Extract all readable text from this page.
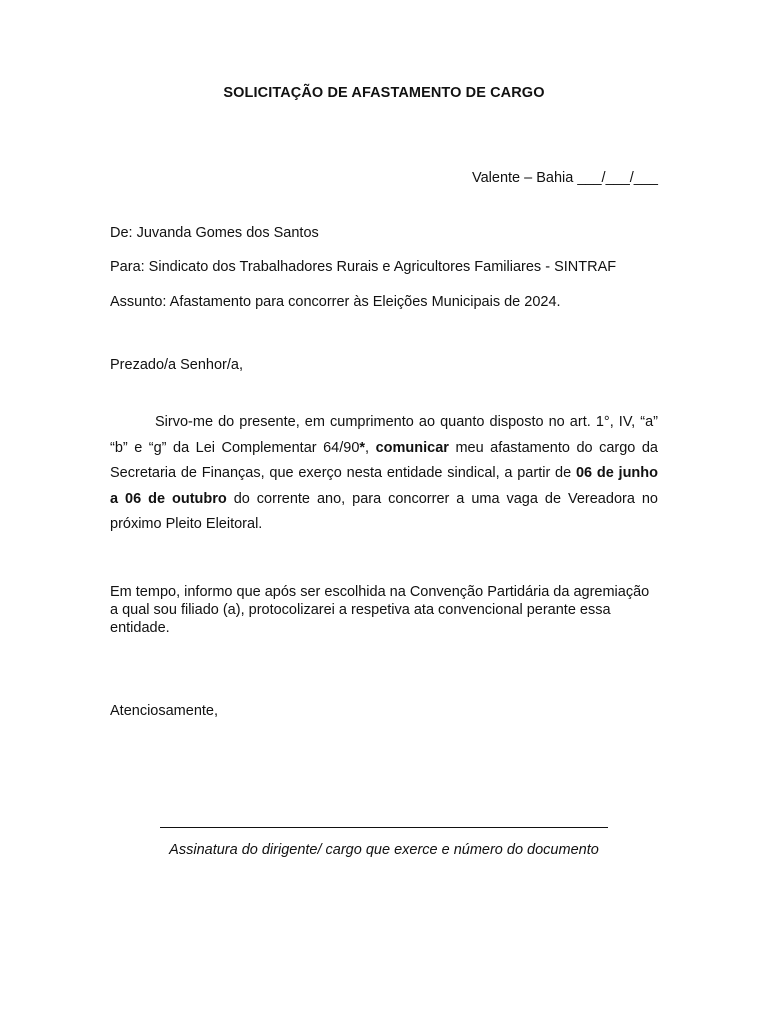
SOLICITAÇÃO DE AFASTAMENTO DE CARGO
Valente – Bahia ___/___/___
De: Juvanda Gomes dos Santos
Para: Sindicato dos Trabalhadores Rurais e Agricultores Familiares - SINTRAF
Assunto: Afastamento para concorrer às Eleições Municipais de 2024.
Prezado/a Senhor/a,
Sirvo-me do presente, em cumprimento ao quanto disposto no art. 1°, IV, “a” “b” e “g” da Lei Complementar 64/90*, comunicar meu afastamento do cargo da Secretaria de Finanças, que exerço nesta entidade sindical, a partir de 06 de junho a 06 de outubro do corrente ano, para concorrer a uma vaga de Vereadora no próximo Pleito Eleitoral.
Em tempo, informo que após ser escolhida na Convenção Partidária da agremiação a qual sou filiado (a), protocolizarei a respetiva ata convencional perante essa entidade.
Atenciosamente,
Assinatura do dirigente/ cargo que exerce e número do documento
